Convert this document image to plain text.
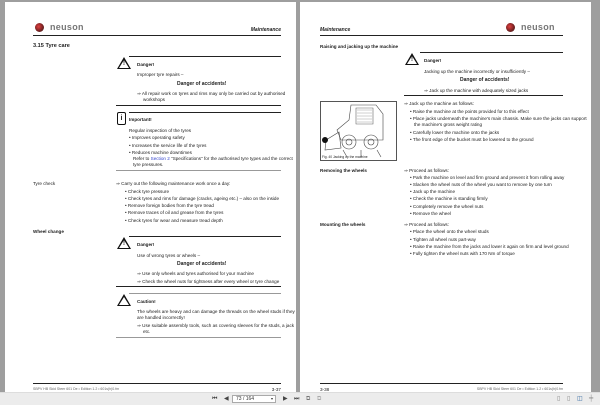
neuson	Maintenance
3.15 Tyre care
!	Danger!
Improper tyre repairs –
Danger of accidents!
⇒ All repair work on tyres and rims may only be carried out by authorised
workshops
i	Important!
Regular inspection of the tyres
• Improves operating safety
• Increases the service life of the tyres
• Reduces machine downtimes
Refer to Section 2 "Specifications" for the authorised tyre types and the correct
tyre pressures.
Tyre check	⇒ Carry out the following maintenance work once a day:
• Check tyre pressure
• Check tyres and rims for damage (cracks, ageing etc.) – also on the inside
• Remove foreign bodies from the tyre tread
• Remove traces of oil and grease from the tyres
• Check tyres for wear and measure tread depth
Wheel change
!	Danger!
Use of wrong tyres or wheels –
Danger of accidents!
⇒ Use only wheels and tyres authorised for your machine
⇒ Check the wheel nuts for tightness after every wheel or tyre change
Caution!
The wheels are heavy and can damage the threads on the wheel studs if they
are handled incorrectly!
⇒ Use suitable assembly tools, such as covering sleeves for the studs, a jack
etc.
SBPV HB Skid Steer 601 De • Edition 1.2 • 601s(h)0.fm	3-37
Maintenance	neuson
Raising and jacking up the machine
! Danger!
Jacking up the machine incorrectly or insufficiently –
Danger of accidents!
⇒ Jack up the machine with adequately sized jacks
Fig. 40 Jacking up the machine
⇒ Jack up the machine as follows:
• Raise the machine at the points provided for to this effect
• Place jacks underneath the machine's main chassis. Make sure the jacks can support
the machine's gross weight rating
• Carefully lower the machine onto the jacks
• The front edge of the bucket must be lowered to the ground
Removing the wheels	⇒ Proceed as follows:
• Park the machine on level and firm ground and prevent it from rolling away
• Slacken the wheel nuts of the wheel you want to remove by one turn
• Jack up the machine
• Check the machine is standing firmly
• Completely remove the wheel nuts
• Remove the wheel
Mounting the wheels	⇒ Proceed as follows:
• Place the wheel onto the wheel studs
• Tighten all wheel nuts part-way
• Raise the machine from the jacks and lower it again on firm and level ground
• Fully tighten the wheel nuts with 170 Nm of torque
3-38	SBPV HB Skid Steer 601 De • Edition 1.2 • 601s(h)0.fm
⏮ ◀	73 / 164	▾ ▶ ⏭ ⧉ ⧉	▯ ▯ ◫ ╪
